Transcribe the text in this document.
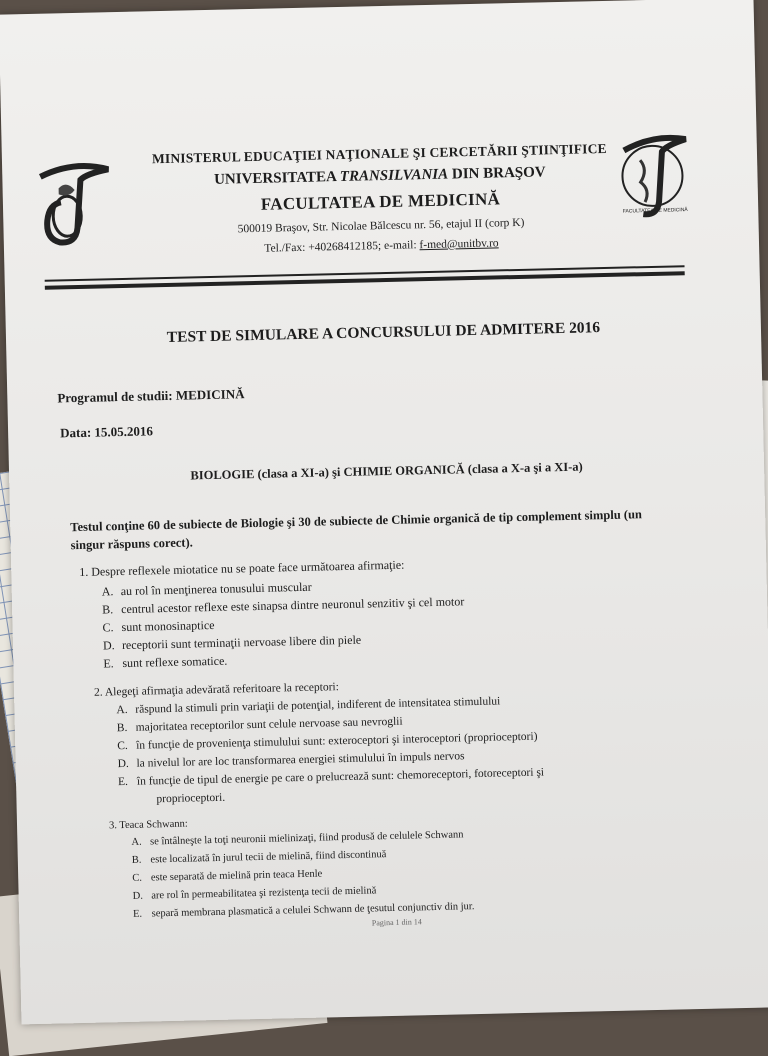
FACULTATEA DE MEDICINĂ
MINISTERUL EDUCAŢIEI NAŢIONALE ŞI CERCETĂRII ŞTIINŢIFICE
UNIVERSITATEA TRANSILVANIA DIN BRAŞOV
FACULTATEA DE MEDICINĂ
500019 Braşov, Str. Nicolae Bălcescu nr. 56, etajul II (corp K)
Tel./Fax: +40268412185; e-mail: f-med@unitbv.ro
TEST DE SIMULARE A CONCURSULUI DE ADMITERE 2016
Programul de studii: MEDICINĂ
Data: 15.05.2016
BIOLOGIE (clasa a XI-a) şi CHIMIE ORGANICĂ (clasa a X-a şi a XI-a)
Testul conţine 60 de subiecte de Biologie şi 30 de subiecte de Chimie organică de tip complement simplu (un singur răspuns corect).
1. Despre reflexele miotatice nu se poate face următoarea afirmaţie:
A. au rol în menţinerea tonusului muscular
B. centrul acestor reflexe este sinapsa dintre neuronul senzitiv şi cel motor
C. sunt monosinaptice
D. receptorii sunt terminaţii nervoase libere din piele
E. sunt reflexe somatice.
2. Alegeţi afirmaţia adevărată referitoare la receptori:
A. răspund la stimuli prin variaţii de potenţial, indiferent de intensitatea stimulului
B. majoritatea receptorilor sunt celule nervoase sau nevroglii
C. în funcţie de provenienţa stimulului sunt: exteroceptori şi interoceptori (proprioceptori)
D. la nivelul lor are loc transformarea energiei stimulului în impuls nervos
E. în funcţie de tipul de energie pe care o prelucrează sunt: chemoreceptori, fotoreceptori şi
proprioceptori.
3. Teaca Schwann:
A. se întâlneşte la toţi neuronii mielinizaţi, fiind produsă de celulele Schwann
B. este localizată în jurul tecii de mielină, fiind discontinuă
C. este separată de mielină prin teaca Henle
D. are rol în permeabilitatea şi rezistenţa tecii de mielină
E. separă membrana plasmatică a celulei Schwann de ţesutul conjunctiv din jur.
Pagina 1 din 14
